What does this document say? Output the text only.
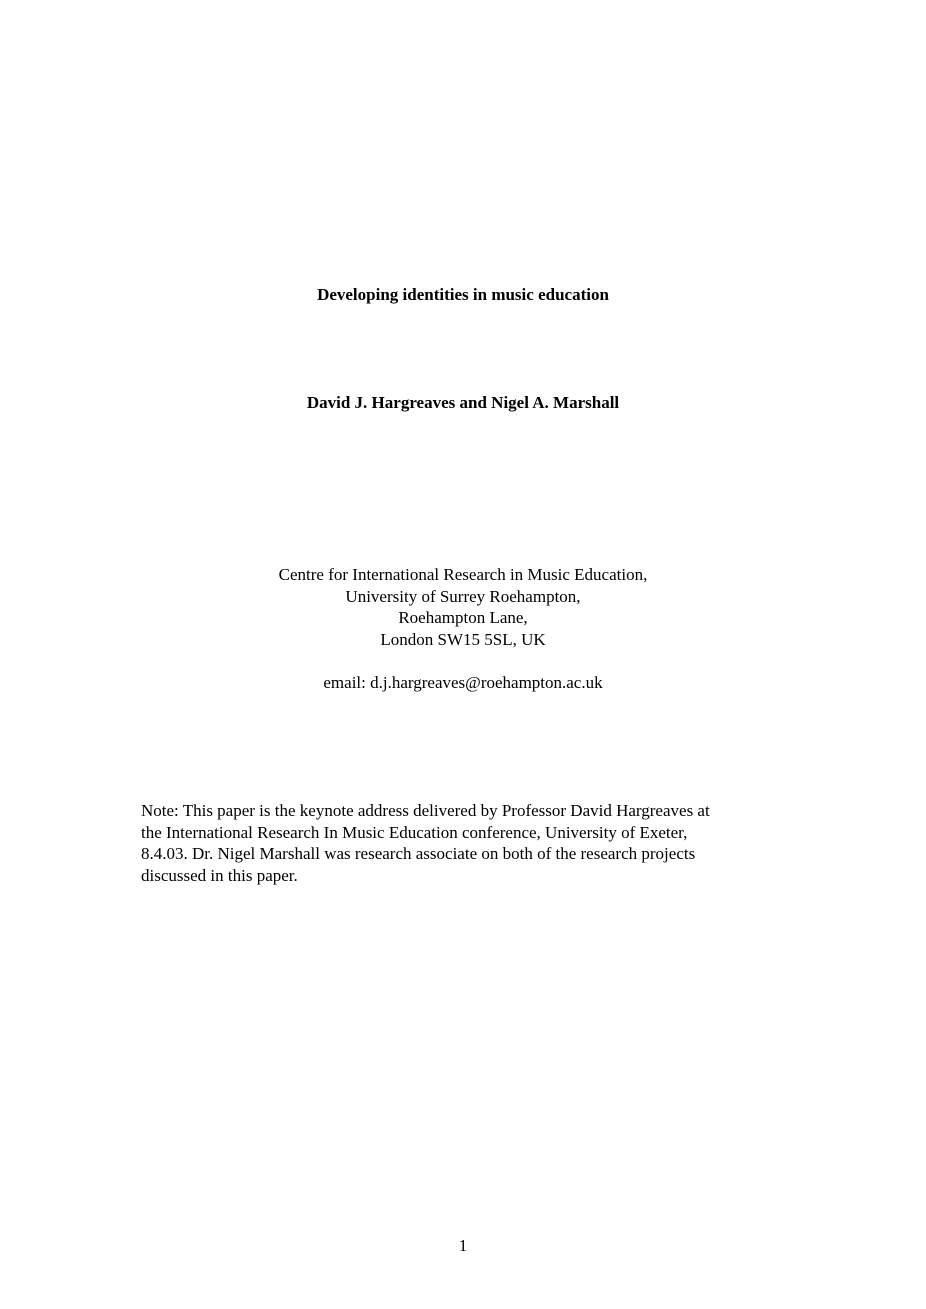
Developing identities in music education
David J. Hargreaves and Nigel A. Marshall
Centre for International Research in Music Education,
University of Surrey Roehampton,
Roehampton Lane,
London SW15 5SL, UK
email: d.j.hargreaves@roehampton.ac.uk
Note: This paper is the keynote address delivered by Professor David Hargreaves at
the International Research In Music Education conference, University of Exeter,
8.4.03. Dr. Nigel Marshall was research associate on both of the research projects
discussed in this paper.
1
